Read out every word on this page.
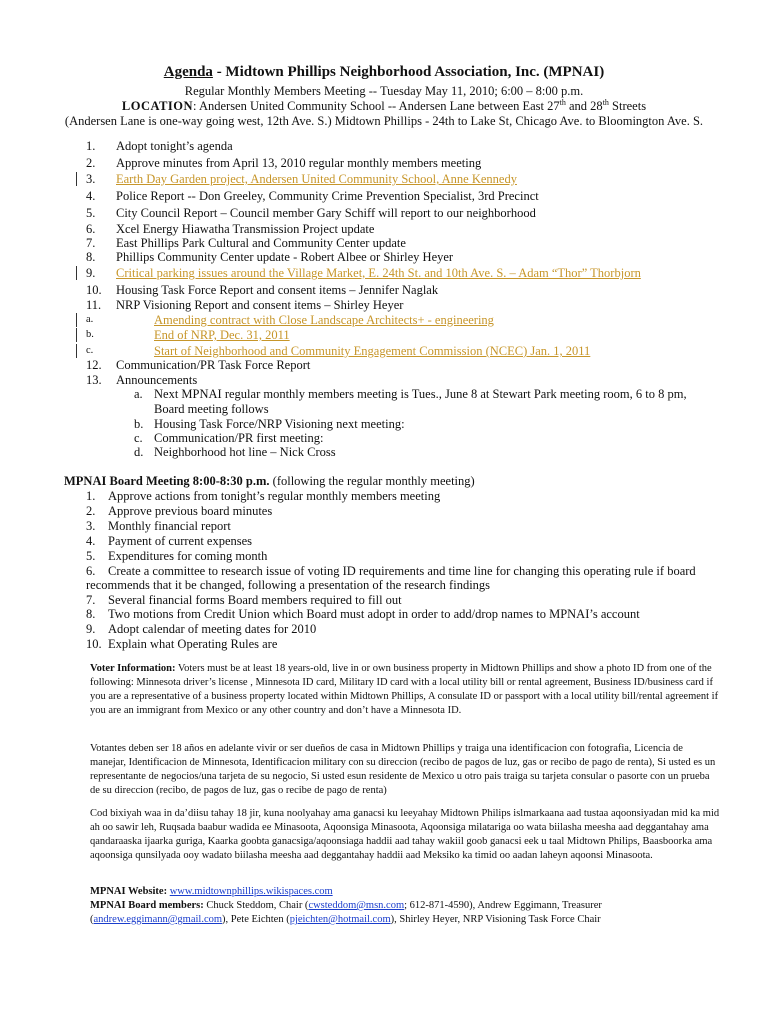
Agenda - Midtown Phillips Neighborhood Association, Inc. (MPNAI)
Regular Monthly Members Meeting -- Tuesday May 11, 2010; 6:00 – 8:00 p.m.
LOCATION: Andersen United Community School -- Andersen Lane between East 27th and 28th Streets
(Andersen Lane is one-way going west, 12th Ave. S.) Midtown Phillips - 24th to Lake St, Chicago Ave. to Bloomington Ave. S.
1.	Adopt tonight’s agenda
2.	Approve minutes from April 13, 2010 regular monthly members meeting
3.	Earth Day Garden project, Andersen United Community School, Anne Kennedy
4.	Police Report -- Don Greeley, Community Crime Prevention Specialist, 3rd Precinct
5.	City Council Report – Council member Gary Schiff will report to our neighborhood
6.	Xcel Energy Hiawatha Transmission Project update
7.	East Phillips Park Cultural and Community Center update
8.	Phillips Community Center update - Robert Albee or Shirley Heyer
9.	Critical parking issues around the Village Market, E. 24th St. and 10th Ave. S. – Adam “Thor” Thorbjorn
10.	Housing Task Force Report and consent items – Jennifer Naglak
11.	NRP Visioning Report and consent items – Shirley Heyer
a.	Amending contract with Close Landscape Architects+ - engineering
b.	End of NRP, Dec. 31, 2011
c.	Start of Neighborhood and Community Engagement Commission (NCEC) Jan. 1, 2011
12.	Communication/PR Task Force Report
13.	Announcements
a. Next MPNAI regular monthly members meeting is Tues., June 8 at Stewart Park meeting room, 6 to 8 pm,
Board meeting follows
b. Housing Task Force/NRP Visioning next meeting:
c. Communication/PR first meeting:
d. Neighborhood hot line – Nick Cross
MPNAI Board Meeting 8:00-8:30 p.m. (following the regular monthly meeting)
1.	Approve actions from tonight’s regular monthly members meeting
2.	Approve previous board minutes
3.	Monthly financial report
4.	Payment of current expenses
5.	Expenditures for coming month
6.	Create a committee to research issue of voting ID requirements and time line for changing this operating rule if board
recommends that it be changed, following a presentation of the research findings
7.	Several financial forms Board members required to fill out
8.	Two motions from Credit Union which Board must adopt in order to add/drop names to MPNAI’s account
9.	Adopt calendar of meeting dates for 2010
10. Explain what Operating Rules are
Voter Information: Voters must be at least 18 years-old, live in or own business property in Midtown Phillips and show a photo ID from one of the following: Minnesota driver’s license , Minnesota ID card, Military ID card with a local utility bill or rental agreement, Business ID/business card if you are a representative of a business property located within Midtown Phillips, A consulate ID or passport with a local utility bill/rental agreement if you are an immigrant from Mexico or any other country and don’t have a Minnesota ID.
Votantes deben ser 18 años en adelante vivir or ser dueños de casa in Midtown Phillips y traiga una identificacion con fotografia, Licencia de manejar, Identificacion de Minnesota, Identificacion military con su direccion (recibo de pagos de luz, gas or recibo de pago de renta), Si usted es un representante de negocios/una tarjeta de su negocio, Si usted esun residente de Mexico u otro pais traiga su tarjeta consular o pasorte con un prueba de su direccion (recibo, de pagos de luz, gas o recibe de pago de renta)
Cod bixiyah waa in da’diisu tahay 18 jir, kuna noolyahay ama ganacsi ku leeyahay Midtown Philips islmarkaana aad tustaa aqoonsiyadan mid ka mid ah oo sawir leh, Ruqsada baabur wadida ee Minasoota, Aqoonsiga Minasoota, Aqoonsiga milatariga oo wata biilasha meesha aad deggantahay ama qandaraaska ijaarka guriga, Kaarka goobta ganacsiga/aqoonsiaga haddii aad tahay wakiil goob ganacsi eek u taal Midtown Philips, Baasboorka ama aqoonsiga qunsilyada ooy wadato biilasha meesha aad deggantahay haddii aad Meksiko ka timid oo aadan laheyn aqoonsi Minasoota.
MPNAI Website: www.midtownphillips.wikispaces.com
MPNAI Board members: Chuck Steddom, Chair (cwsteddom@msn.com; 612-871-4590), Andrew Eggimann, Treasurer
(andrew.eggimann@gmail.com), Pete Eichten (pjeichten@hotmail.com), Shirley Heyer, NRP Visioning Task Force Chair
